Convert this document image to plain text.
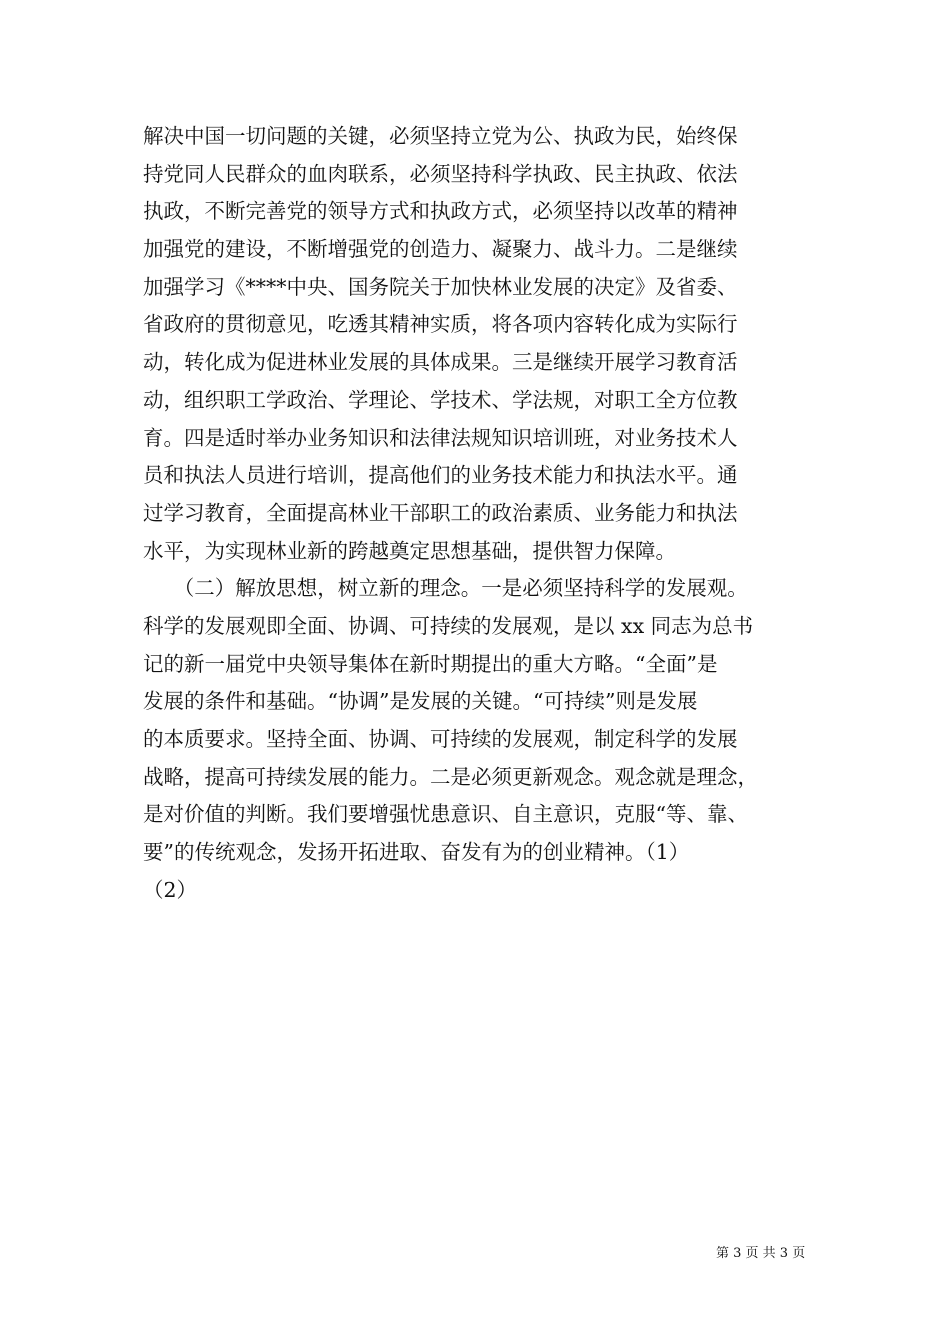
解决中国一切问题的关键，必须坚持立党为公、执政为民，始终保
持党同人民群众的血肉联系，必须坚持科学执政、民主执政、依法
执政，不断完善党的领导方式和执政方式，必须坚持以改革的精神
加强党的建设，不断增强党的创造力、凝聚力、战斗力。二是继续
加强学习《****中央、国务院关于加快林业发展的决定》及省委、
省政府的贯彻意见，吃透其精神实质，将各项内容转化成为实际行
动，转化成为促进林业发展的具体成果。三是继续开展学习教育活
动，组织职工学政治、学理论、学技术、学法规，对职工全方位教
育。四是适时举办业务知识和法律法规知识培训班，对业务技术人
员和执法人员进行培训，提高他们的业务技术能力和执法水平。通
过学习教育，全面提高林业干部职工的政治素质、业务能力和执法
水平，为实现林业新的跨越奠定思想基础，提供智力保障。
　　（二）解放思想，树立新的理念。一是必须坚持科学的发展观。
科学的发展观即全面、协调、可持续的发展观，是以 xx 同志为总书
记的新一届党中央领导集体在新时期提出的重大方略。“全面”是
发展的条件和基础。“协调”是发展的关键。“可持续”则是发展
的本质要求。坚持全面、协调、可持续的发展观，制定科学的发展
战略，提高可持续发展的能力。二是必须更新观念。观念就是理念，
是对价值的判断。我们要增强忧患意识、自主意识，克服“等、靠、
要”的传统观念，发扬开拓进取、奋发有为的创业精神。（1）
（2）
第 3 页 共 3 页
